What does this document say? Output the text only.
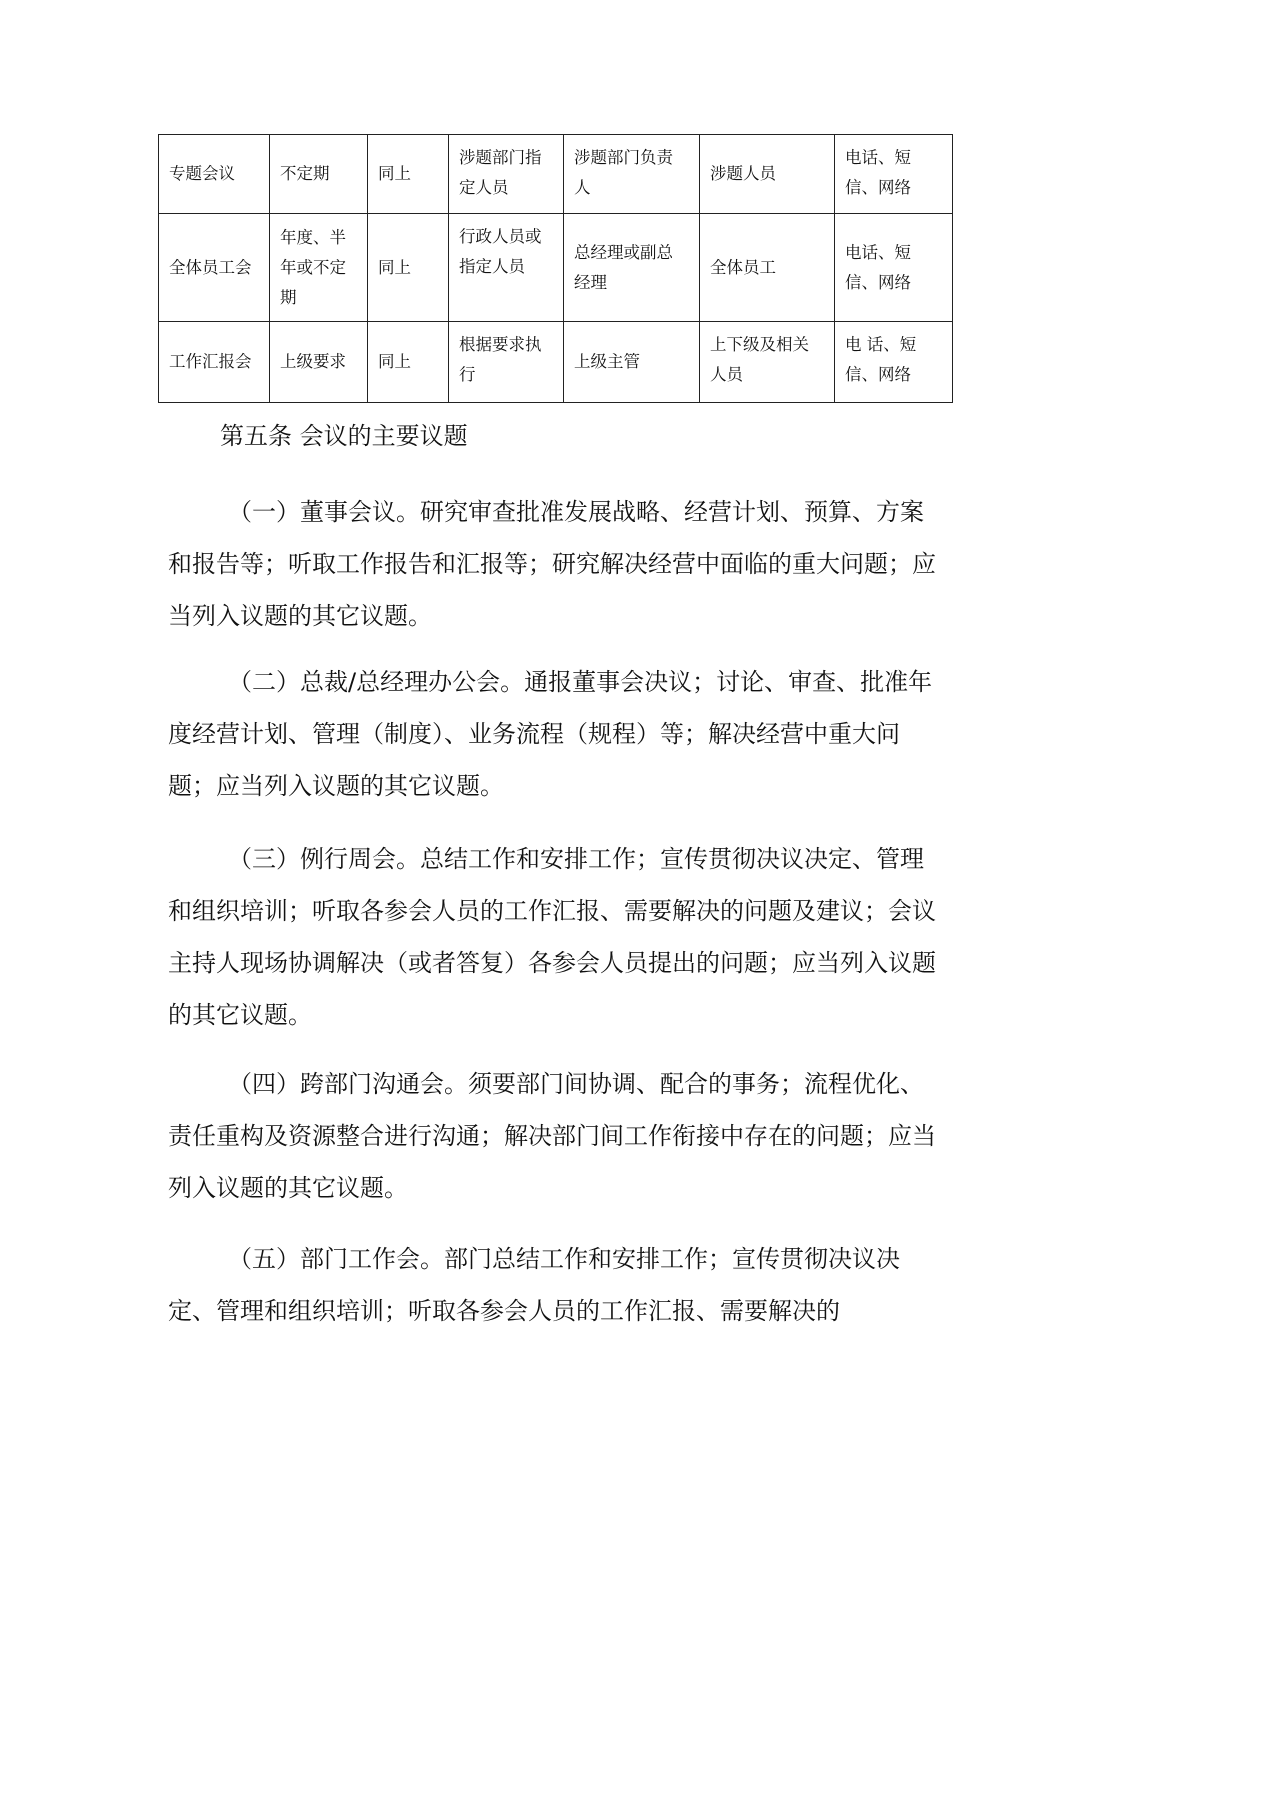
专题会议	不定期	同上	涉题部门指定人员	涉题部门负责人	涉题人员	电话、短信、网络
全体员工会	年度、半年或不定期	同上	行政人员或指定人员	总经理或副总经理	全体员工	电话、短信、网络
工作汇报会	上级要求	同上	根据要求执行	上级主管	上下级及相关人员	电 话、短信、网络
第五条 会议的主要议题

（一）董事会议。研究审查批准发展战略、经营计划、预算、方案和报告等；听取工作报告和汇报等；研究解决经营中面临的重大问题；应当列入议题的其它议题。

（二）总裁/总经理办公会。通报董事会决议；讨论、审查、批准年度经营计划、管理（制度）、业务流程（规程）等；解决经营中重大问题；应当列入议题的其它议题。

（三）例行周会。总结工作和安排工作；宣传贯彻决议决定、管理和组织培训；听取各参会人员的工作汇报、需要解决的问题及建议；会议主持人现场协调解决（或者答复）各参会人员提出的问题；应当列入议题的其它议题。

（四）跨部门沟通会。须要部门间协调、配合的事务；流程优化、责任重构及资源整合进行沟通；解决部门间工作衔接中存在的问题；应当列入议题的其它议题。

（五）部门工作会。部门总结工作和安排工作；宣传贯彻决议决定、管理和组织培训；听取各参会人员的工作汇报、需要解决的
